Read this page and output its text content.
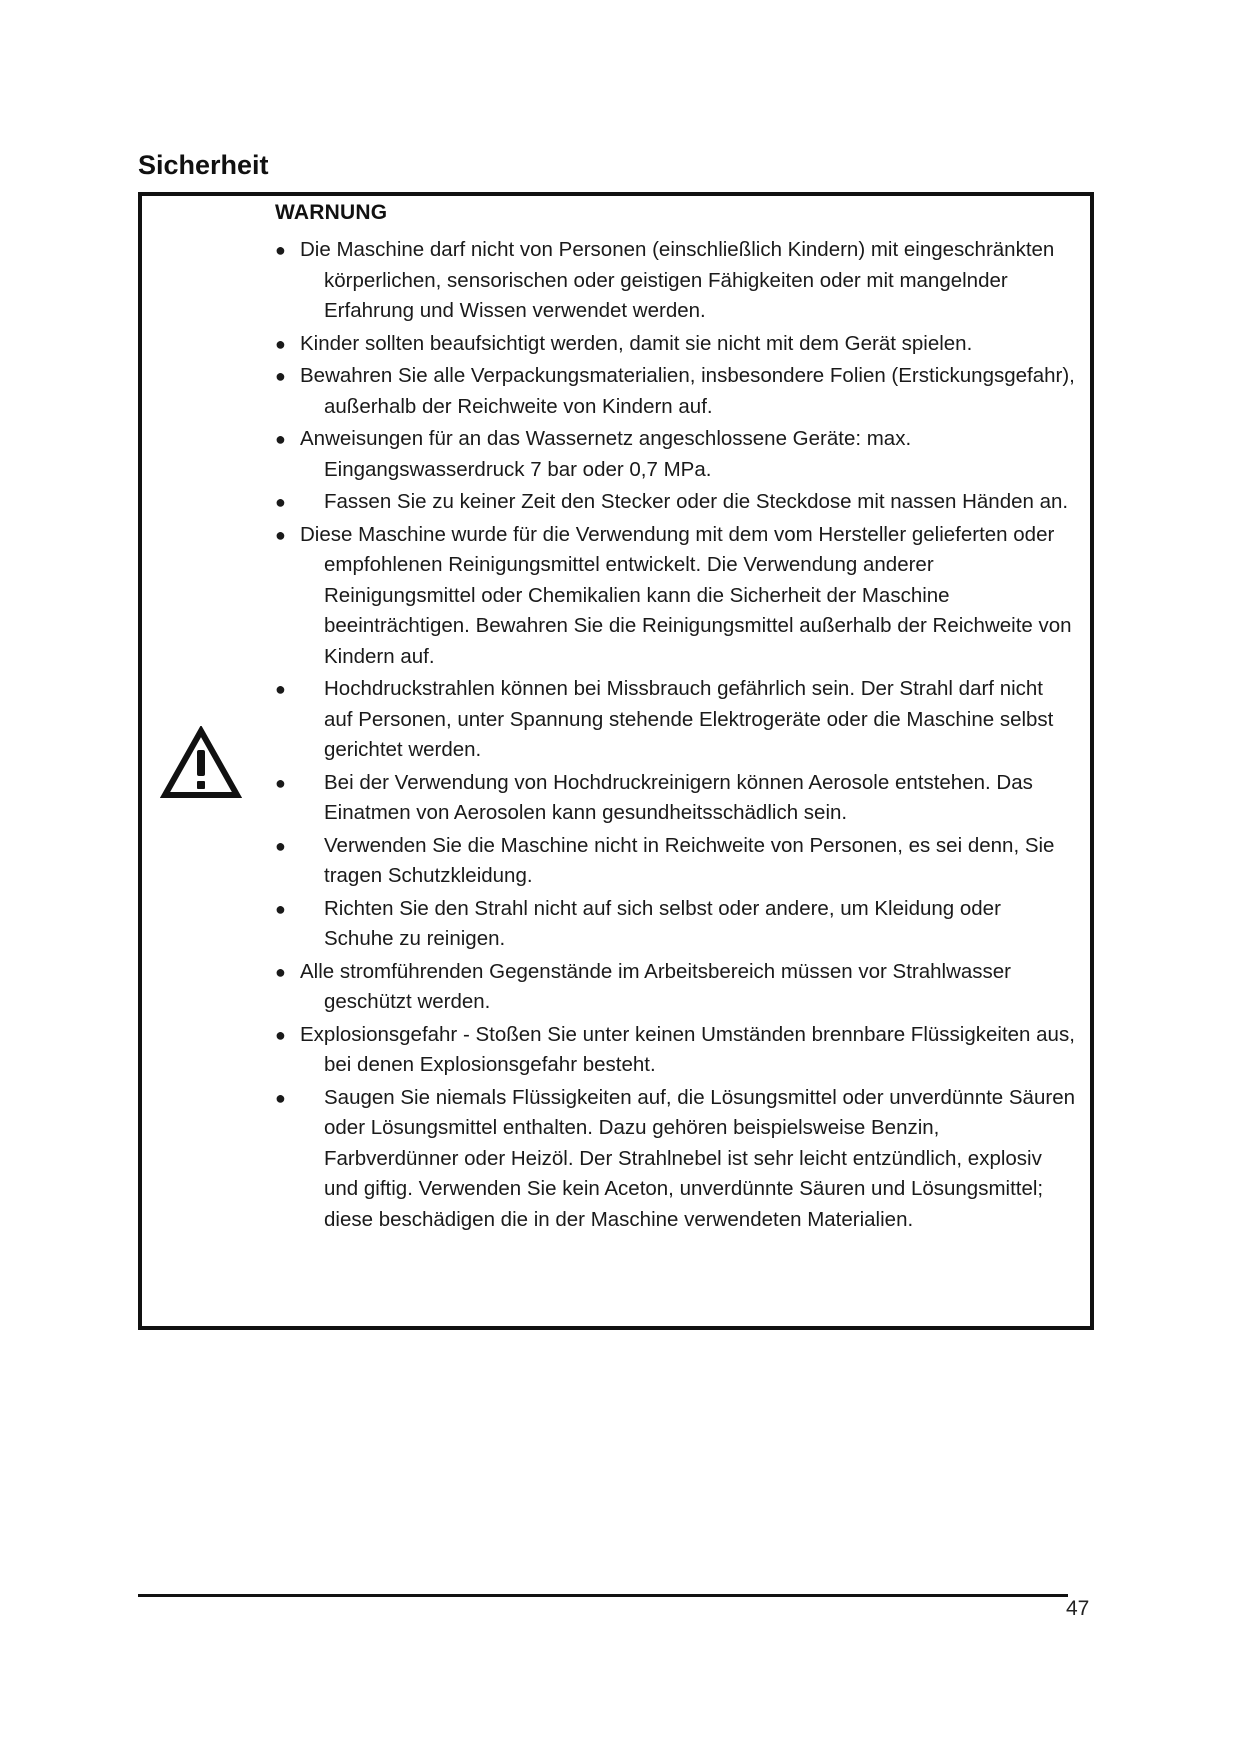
Sicherheit
WARNUNG
● Die Maschine darf nicht von Personen (einschließlich Kindern) mit eingeschränkten körperlichen, sensorischen oder geistigen Fähigkeiten oder mit mangelnder Erfahrung und Wissen verwendet werden.
● Kinder sollten beaufsichtigt werden, damit sie nicht mit dem Gerät spielen.
● Bewahren Sie alle Verpackungsmaterialien, insbesondere Folien (Erstickungsgefahr), außerhalb der Reichweite von Kindern auf.
● Anweisungen für an das Wassernetz angeschlossene Geräte: max. Eingangswasserdruck 7 bar oder 0,7 MPa.
● Fassen Sie zu keiner Zeit den Stecker oder die Steckdose mit nassen Händen an.
● Diese Maschine wurde für die Verwendung mit dem vom Hersteller gelieferten oder empfohlenen Reinigungsmittel entwickelt. Die Verwendung anderer Reinigungsmittel oder Chemikalien kann die Sicherheit der Maschine beeinträchtigen. Bewahren Sie die Reinigungsmittel außerhalb der Reichweite von Kindern auf.
● Hochdruckstrahlen können bei Missbrauch gefährlich sein. Der Strahl darf nicht auf Personen, unter Spannung stehende Elektrogeräte oder die Maschine selbst gerichtet werden.
● Bei der Verwendung von Hochdruckreinigern können Aerosole entstehen. Das Einatmen von Aerosolen kann gesundheitsschädlich sein.
● Verwenden Sie die Maschine nicht in Reichweite von Personen, es sei denn, Sie tragen Schutzkleidung.
● Richten Sie den Strahl nicht auf sich selbst oder andere, um Kleidung oder Schuhe zu reinigen.
● Alle stromführenden Gegenstände im Arbeitsbereich müssen vor Strahlwasser geschützt werden.
● Explosionsgefahr - Stoßen Sie unter keinen Umständen brennbare Flüssigkeiten aus, bei denen Explosionsgefahr besteht.
● Saugen Sie niemals Flüssigkeiten auf, die Lösungsmittel oder unverdünnte Säuren oder Lösungsmittel enthalten. Dazu gehören beispielsweise Benzin, Farbverdünner oder Heizöl. Der Strahlnebel ist sehr leicht entzündlich, explosiv und giftig. Verwenden Sie kein Aceton, unverdünnte Säuren und Lösungsmittel; diese beschädigen die in der Maschine verwendeten Materialien.
47
